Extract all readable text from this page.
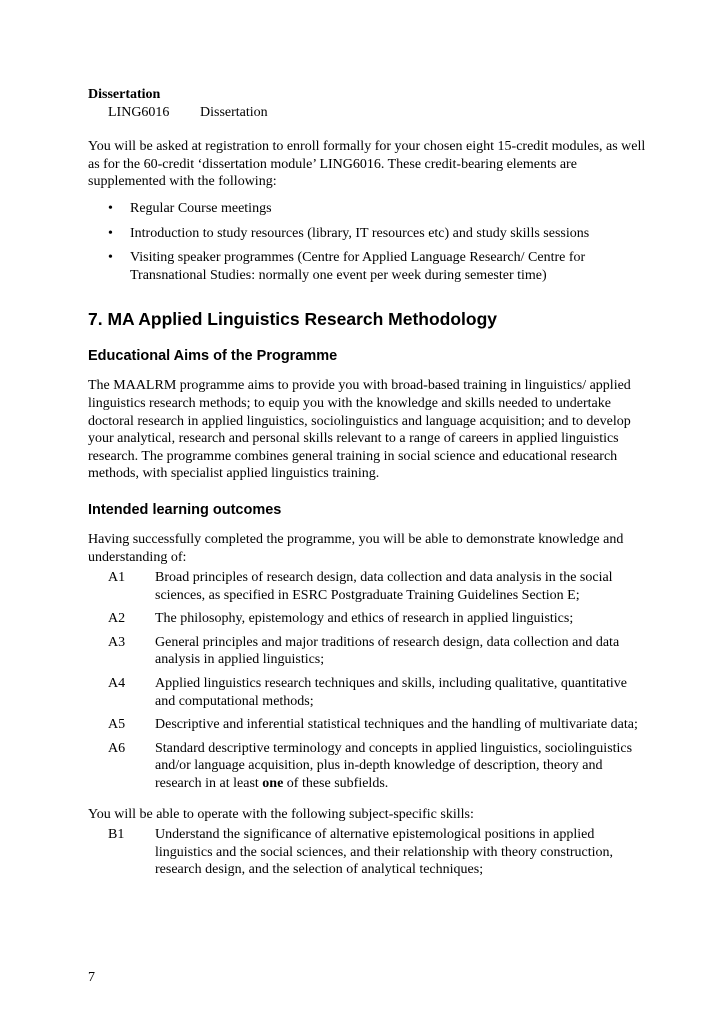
Dissertation
LING6016	Dissertation

You will be asked at registration to enroll formally for your chosen eight 15-credit modules, as well as for the 60-credit ‘dissertation module’ LING6016. These credit-bearing elements are supplemented with the following:

•	Regular Course meetings
•	Introduction to study resources (library, IT resources etc) and study skills sessions
•	Visiting speaker programmes (Centre for Applied Language Research/ Centre for Transnational Studies: normally one event per week during semester time)
7. MA Applied Linguistics Research Methodology
Educational Aims of the Programme

The MAALRM programme aims to provide you with broad-based training in linguistics/ applied linguistics research methods; to equip you with the knowledge and skills needed to undertake doctoral research in applied linguistics, sociolinguistics and language acquisition; and to develop your analytical, research and personal skills relevant to a range of careers in applied linguistics research. The programme combines general training in social science and educational research methods, with specialist applied linguistics training.

Intended learning outcomes

Having successfully completed the programme, you will be able to demonstrate knowledge and understanding of:

A1	Broad principles of research design, data collection and data analysis in the social sciences, as specified in ESRC Postgraduate Training Guidelines Section E;
A2	The philosophy, epistemology and ethics of research in applied linguistics;
A3	General principles and major traditions of research design, data collection and data analysis in applied linguistics;
A4	Applied linguistics research techniques and skills, including qualitative, quantitative and computational methods;
A5	Descriptive and inferential statistical techniques and the handling of multivariate data;
A6	Standard descriptive terminology and concepts in applied linguistics, sociolinguistics and/or language acquisition, plus in-depth knowledge of description, theory and research in at least one of these subfields.

You will be able to operate with the following subject-specific skills:

B1	Understand the significance of alternative epistemological positions in applied linguistics and the social sciences, and their relationship with theory construction, research design, and the selection of analytical techniques;
7
